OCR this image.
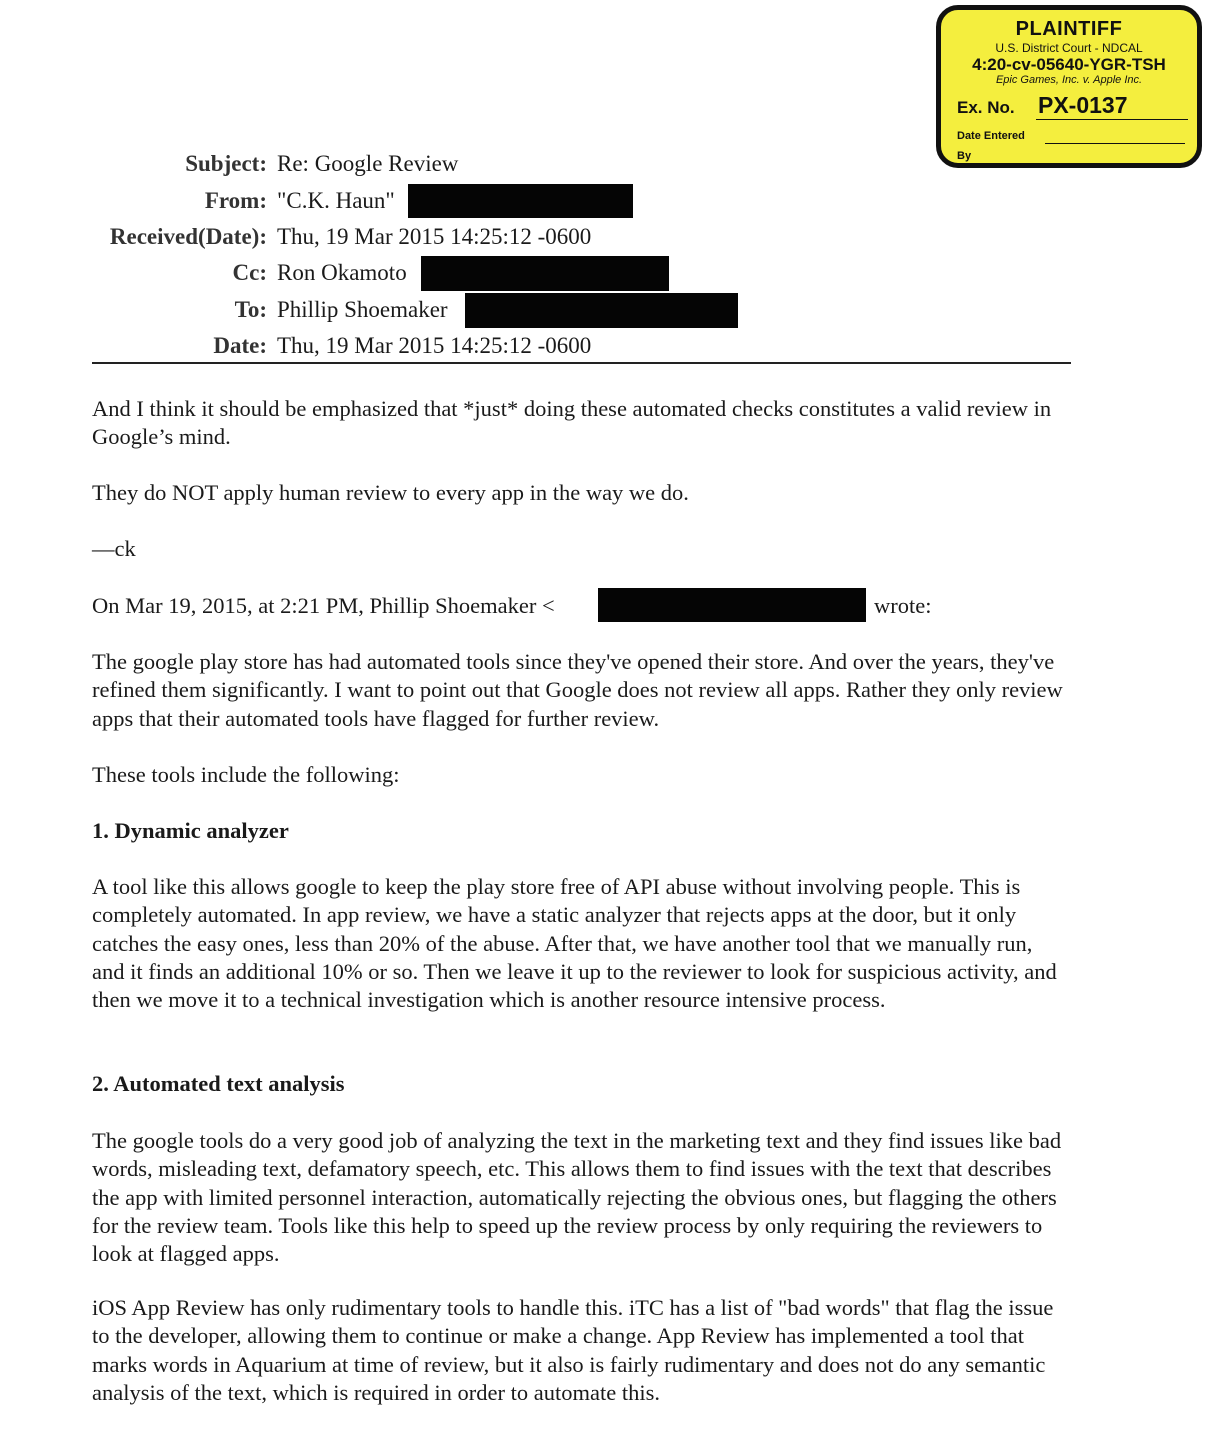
PLAINTIFF
U.S. District Court - NDCAL
4:20-cv-05640-YGR-TSH
Epic Games, Inc. v. Apple Inc.
Ex. No. PX-0137
Date Entered
By
Subject: Re: Google Review
From: "C.K. Haun"
Received(Date): Thu, 19 Mar 2015 14:25:12 -0600
Cc: Ron Okamoto
To: Phillip Shoemaker
Date: Thu, 19 Mar 2015 14:25:12 -0600

And I think it should be emphasized that *just* doing these automated checks constitutes a valid review in Google’s mind.

They do NOT apply human review to every app in the way we do.

—ck

On Mar 19, 2015, at 2:21 PM, Phillip Shoemaker <	wrote:

The google play store has had automated tools since they've opened their store. And over the years, they've refined them significantly. I want to point out that Google does not review all apps. Rather they only review apps that their automated tools have flagged for further review.

These tools include the following:

1. Dynamic analyzer

A tool like this allows google to keep the play store free of API abuse without involving people. This is completely automated. In app review, we have a static analyzer that rejects apps at the door, but it only catches the easy ones, less than 20% of the abuse. After that, we have another tool that we manually run, and it finds an additional 10% or so. Then we leave it up to the reviewer to look for suspicious activity, and then we move it to a technical investigation which is another resource intensive process.

2. Automated text analysis

The google tools do a very good job of analyzing the text in the marketing text and they find issues like bad words, misleading text, defamatory speech, etc. This allows them to find issues with the text that describes the app with limited personnel interaction, automatically rejecting the obvious ones, but flagging the others for the review team. Tools like this help to speed up the review process by only requiring the reviewers to look at flagged apps.

iOS App Review has only rudimentary tools to handle this. iTC has a list of "bad words" that flag the issue to the developer, allowing them to continue or make a change. App Review has implemented a tool that marks words in Aquarium at time of review, but it also is fairly rudimentary and does not do any semantic analysis of the text, which is required in order to automate this.
